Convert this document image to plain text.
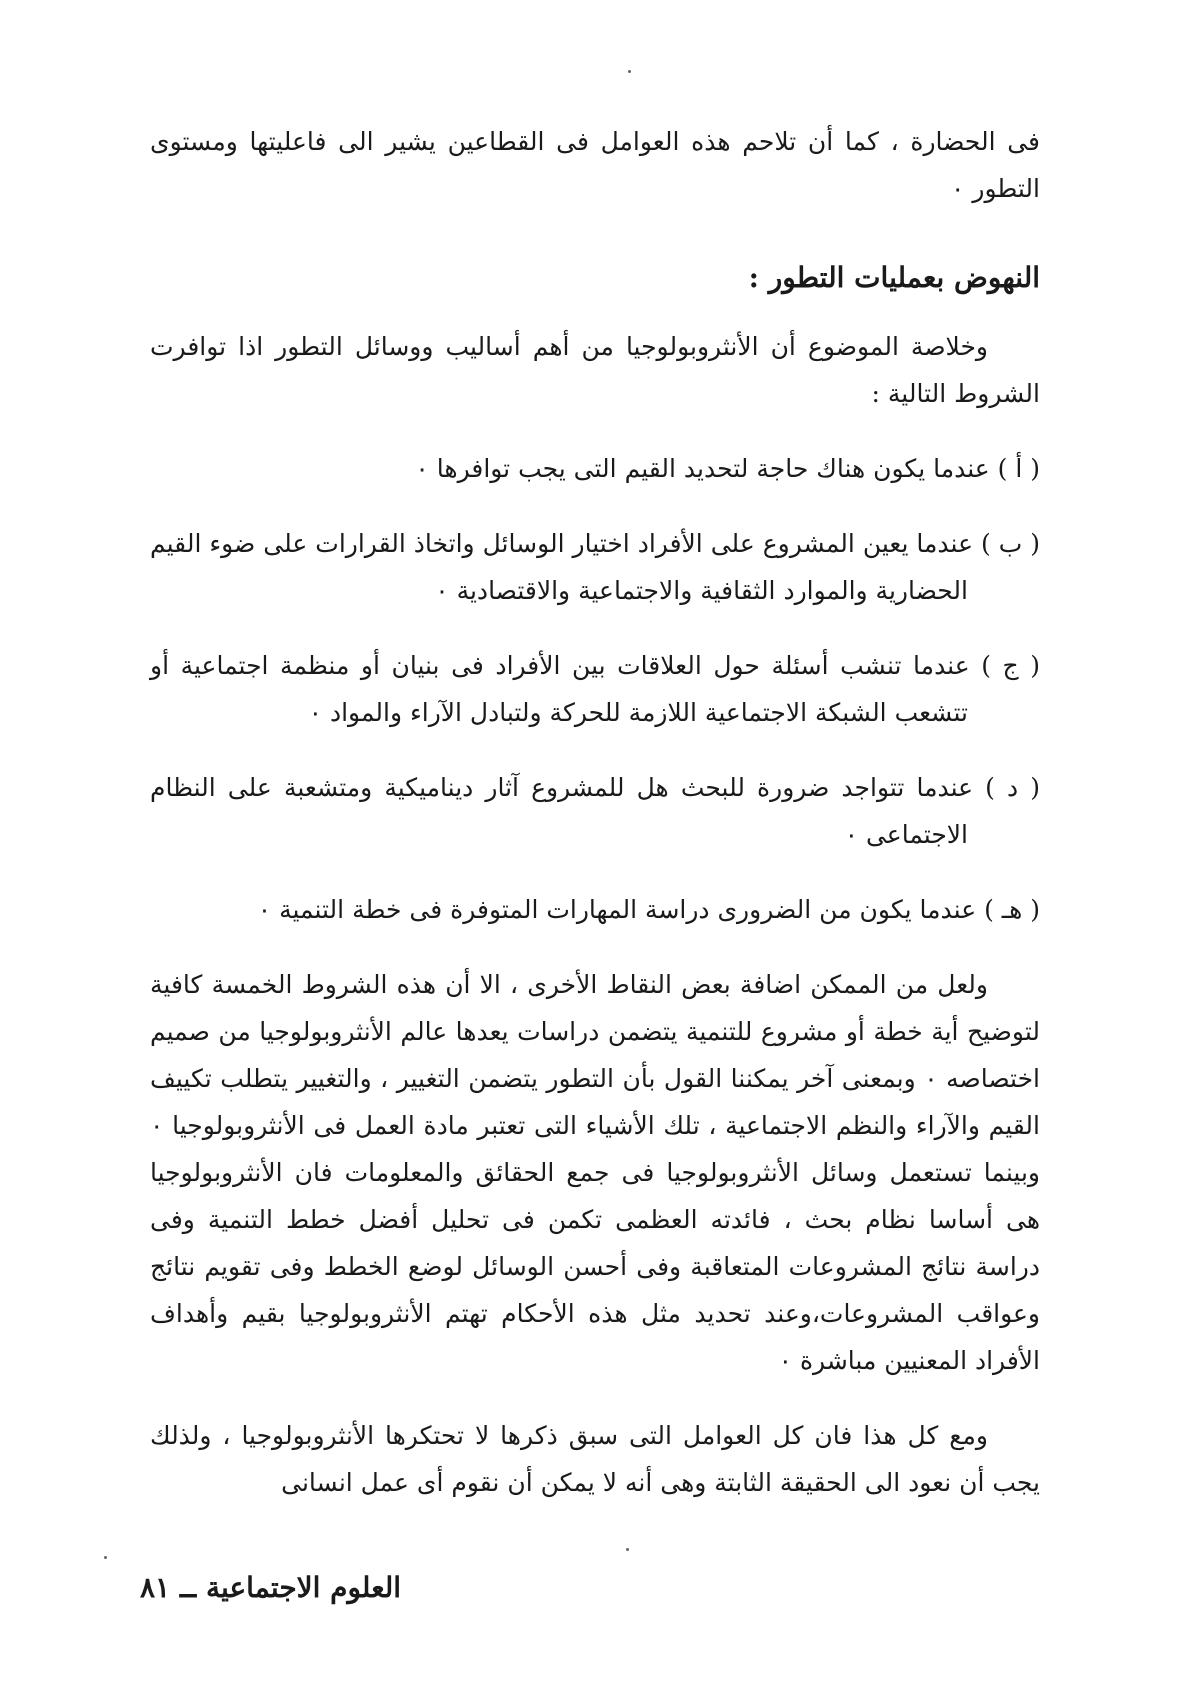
فى الحضارة ، كما أن تلاحم هذه العوامل فى القطاعين يشير الى فاعليتها ومستوى التطور ٠

النهوض بعمليات التطور :

وخلاصة الموضوع أن الأنثروبولوجيا من أهم أساليب ووسائل التطور اذا توافرت الشروط التالية :

( أ ) عندما يكون هناك حاجة لتحديد القيم التى يجب توافرها ٠

( ب ) عندما يعين المشروع على الأفراد اختيار الوسائل واتخاذ القرارات على ضوء القيم الحضارية والموارد الثقافية والاجتماعية والاقتصادية ٠

( ج ) عندما تنشب أسئلة حول العلاقات بين الأفراد فى بنيان أو منظمة اجتماعية أو تتشعب الشبكة الاجتماعية اللازمة للحركة ولتبادل الآراء والمواد ٠

( د ) عندما تتواجد ضرورة للبحث هل للمشروع آثار ديناميكية ومتشعبة على النظام الاجتماعى ٠

( هـ ) عندما يكون من الضرورى دراسة المهارات المتوفرة فى خطة التنمية ٠

ولعل من الممكن اضافة بعض النقاط الأخرى ، الا أن هذه الشروط الخمسة كافية لتوضيح أية خطة أو مشروع للتنمية يتضمن دراسات يعدها عالم الأنثروبولوجيا من صميم اختصاصه ٠ وبمعنى آخر يمكننا القول بأن التطور يتضمن التغيير ، والتغيير يتطلب تكييف القيم والآراء والنظم الاجتماعية ، تلك الأشياء التى تعتبر مادة العمل فى الأنثروبولوجيا ٠ وبينما تستعمل وسائل الأنثروبولوجيا فى جمع الحقائق والمعلومات فان الأنثروبولوجيا هى أساسا نظام بحث ، فائدته العظمى تكمن فى تحليل أفضل خطط التنمية وفى دراسة نتائج المشروعات المتعاقبة وفى أحسن الوسائل لوضع الخطط وفى تقويم نتائج وعواقب المشروعات،وعند تحديد مثل هذه الأحكام تهتم الأنثروبولوجيا بقيم وأهداف الأفراد المعنيين مباشرة ٠

ومع كل هذا فان كل العوامل التى سبق ذكرها لا تحتكرها الأنثروبولوجيا ، ولذلك يجب أن نعود الى الحقيقة الثابتة وهى أنه لا يمكن أن نقوم أى عمل انسانى

العلوم الاجتماعية ــ ٨١
